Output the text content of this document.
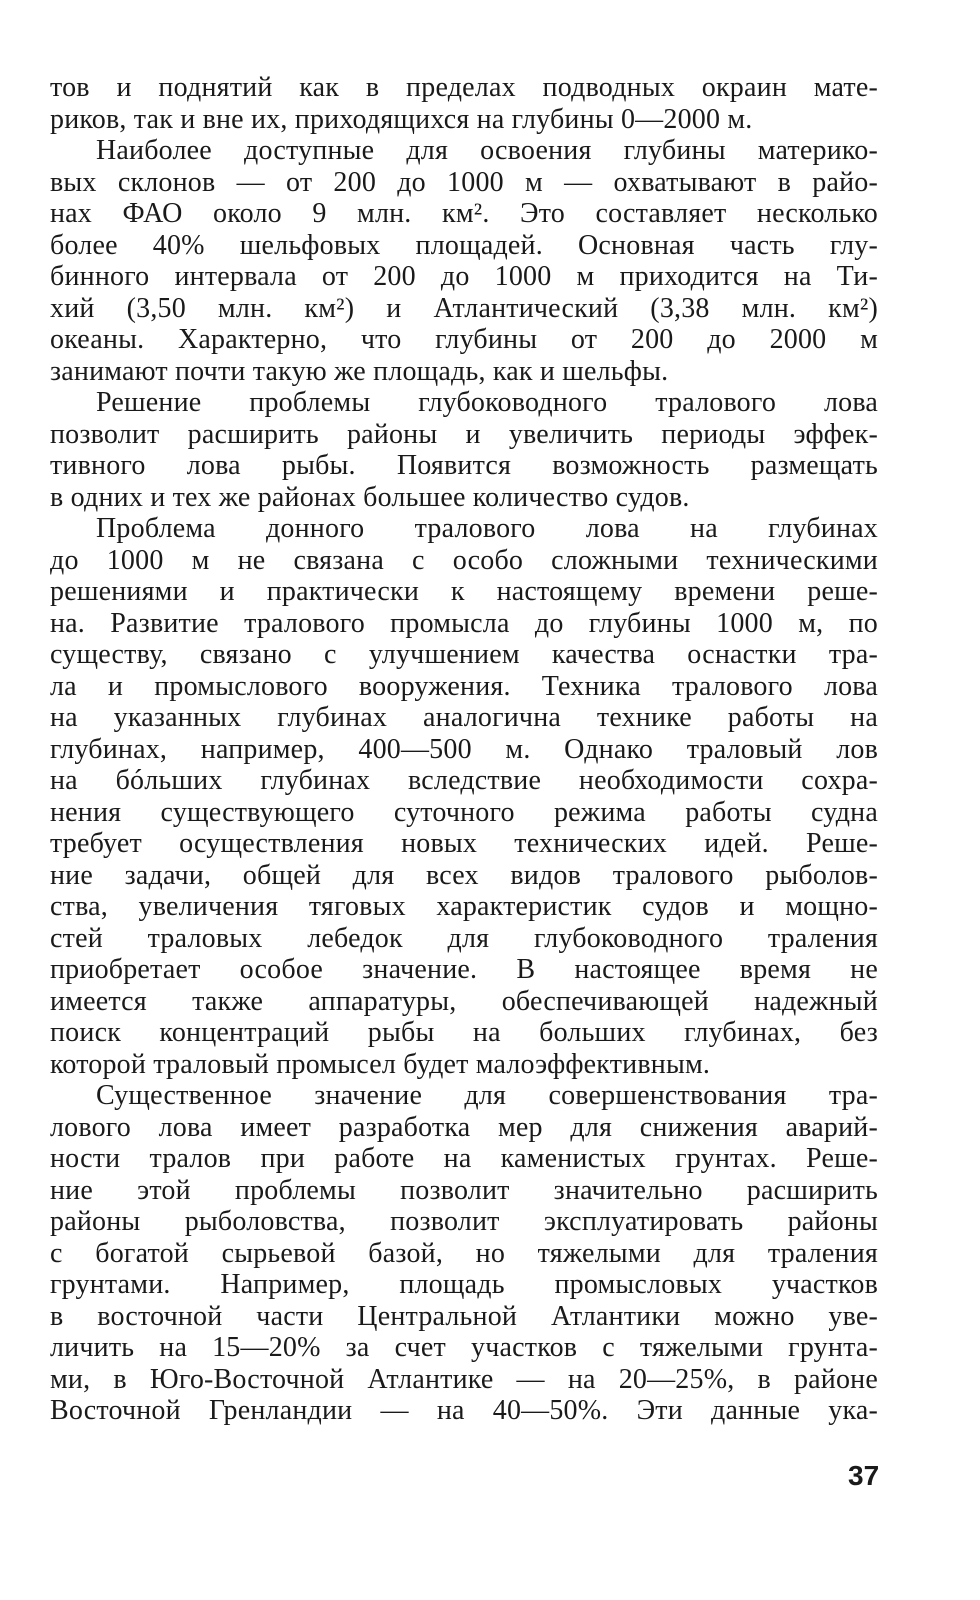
тов и поднятий как в пределах подводных окраин мате-
риков, так и вне их, приходящихся на глубины 0—2000 м.
Наиболее доступные для освоения глубины материко-
вых склонов — от 200 до 1000 м — охватывают в райо-
нах ФАО около 9 млн. км². Это составляет несколько
более 40% шельфовых площадей. Основная часть глу-
бинного интервала от 200 до 1000 м приходится на Ти-
хий (3,50 млн. км²) и Атлантический (3,38 млн. км²)
океаны. Характерно, что глубины от 200 до 2000 м
занимают почти такую же площадь, как и шельфы.
Решение проблемы глубоководного тралового лова
позволит расширить районы и увеличить периоды эффек-
тивного лова рыбы. Появится возможность размещать
в одних и тех же районах большее количество судов.
Проблема донного тралового лова на глубинах
до 1000 м не связана с особо сложными техническими
решениями и практически к настоящему времени реше-
на. Развитие тралового промысла до глубины 1000 м, по
существу, связано с улучшением качества оснастки тра-
ла и промыслового вооружения. Техника тралового лова
на указанных глубинах аналогична технике работы на
глубинах, например, 400—500 м. Однако траловый лов
на бóльших глубинах вследствие необходимости сохра-
нения существующего суточного режима работы судна
требует осуществления новых технических идей. Реше-
ние задачи, общей для всех видов тралового рыболов-
ства, увеличения тяговых характеристик судов и мощно-
стей траловых лебедок для глубоководного траления
приобретает особое значение. В настоящее время не
имеется также аппаратуры, обеспечивающей надежный
поиск концентраций рыбы на больших глубинах, без
которой траловый промысел будет малоэффективным.
Существенное значение для совершенствования тра-
лового лова имеет разработка мер для снижения аварий-
ности тралов при работе на каменистых грунтах. Реше-
ние этой проблемы позволит значительно расширить
районы рыболовства, позволит эксплуатировать районы
с богатой сырьевой базой, но тяжелыми для траления
грунтами. Например, площадь промысловых участков
в восточной части Центральной Атлантики можно уве-
личить на 15—20% за счет участков с тяжелыми грунта-
ми, в Юго-Восточной Атлантике — на 20—25%, в районе
Восточной Гренландии — на 40—50%. Эти данные ука-
37
